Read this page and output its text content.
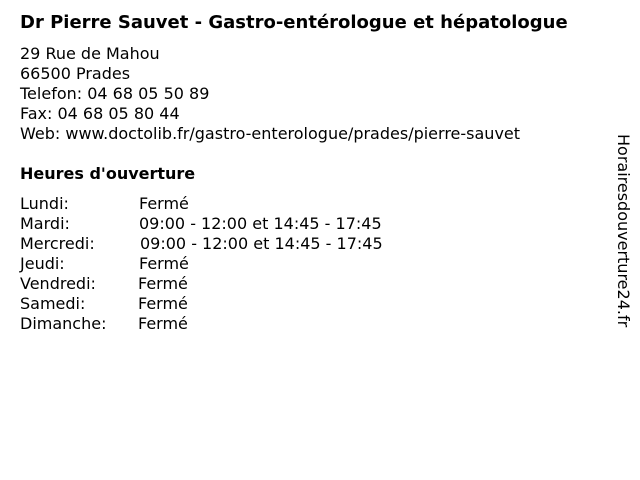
Dr Pierre Sauvet - Gastro-entérologue et hépatologue
29 Rue de Mahou
66500 Prades
Telefon: 04 68 05 50 89
Fax: 04 68 05 80 44
Web: www.doctolib.fr/gastro-enterologue/prades/pierre-sauvet
Heures d'ouverture
Lundi:	Fermé
Mardi:	09:00 - 12:00 et 14:45 - 17:45
Mercredi:	09:00 - 12:00 et 14:45 - 17:45
Jeudi:	Fermé
Vendredi:	Fermé
Samedi:	Fermé
Dimanche: Fermé	Horairesdouverture24.fr
